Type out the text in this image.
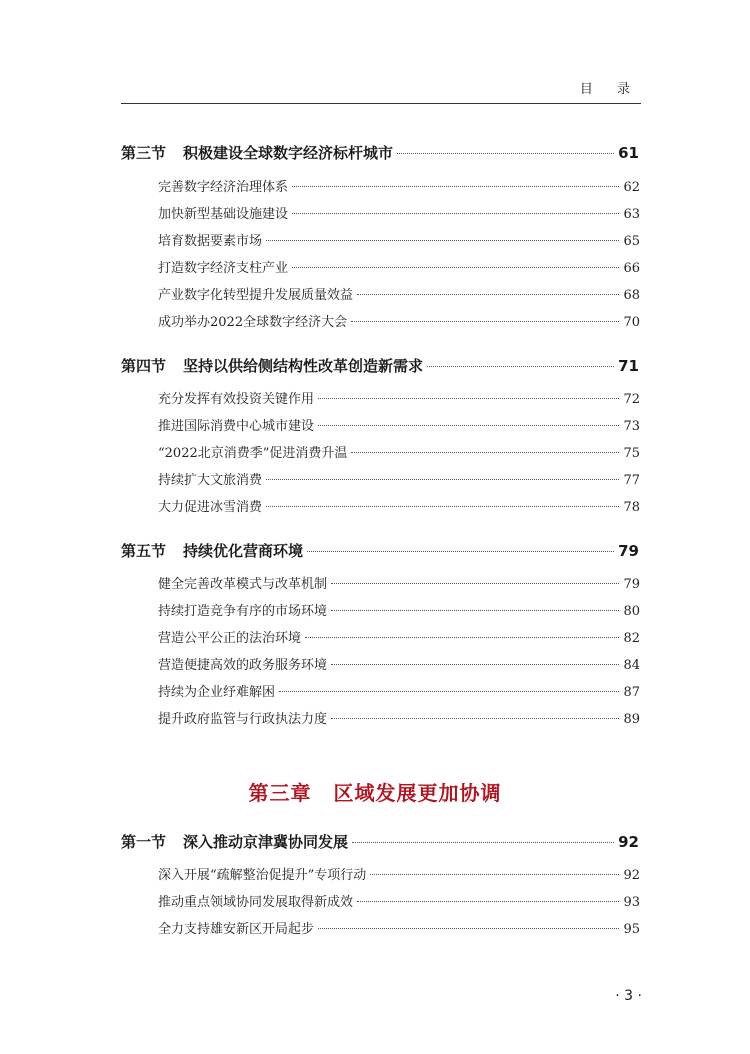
目 录
第三节 积极建设全球数字经济标杆城市	61
完善数字经济治理体系	62
加快新型基础设施建设	63
培育数据要素市场	65
打造数字经济支柱产业	66
产业数字化转型提升发展质量效益	68
成功举办2022全球数字经济大会	70
第四节 坚持以供给侧结构性改革创造新需求	71
充分发挥有效投资关键作用	72
推进国际消费中心城市建设	73
“2022北京消费季”促进消费升温	75
持续扩大文旅消费	77
大力促进冰雪消费	78
第五节 持续优化营商环境	79
健全完善改革模式与改革机制	79
持续打造竞争有序的市场环境	80
营造公平公正的法治环境	82
营造便捷高效的政务服务环境	84
持续为企业纾难解困	87
提升政府监管与行政执法力度	89
第三章 区域发展更加协调
第一节 深入推动京津冀协同发展	92
深入开展“疏解整治促提升”专项行动	92
推动重点领域协同发展取得新成效	93
全力支持雄安新区开局起步	95
· 3 ·
